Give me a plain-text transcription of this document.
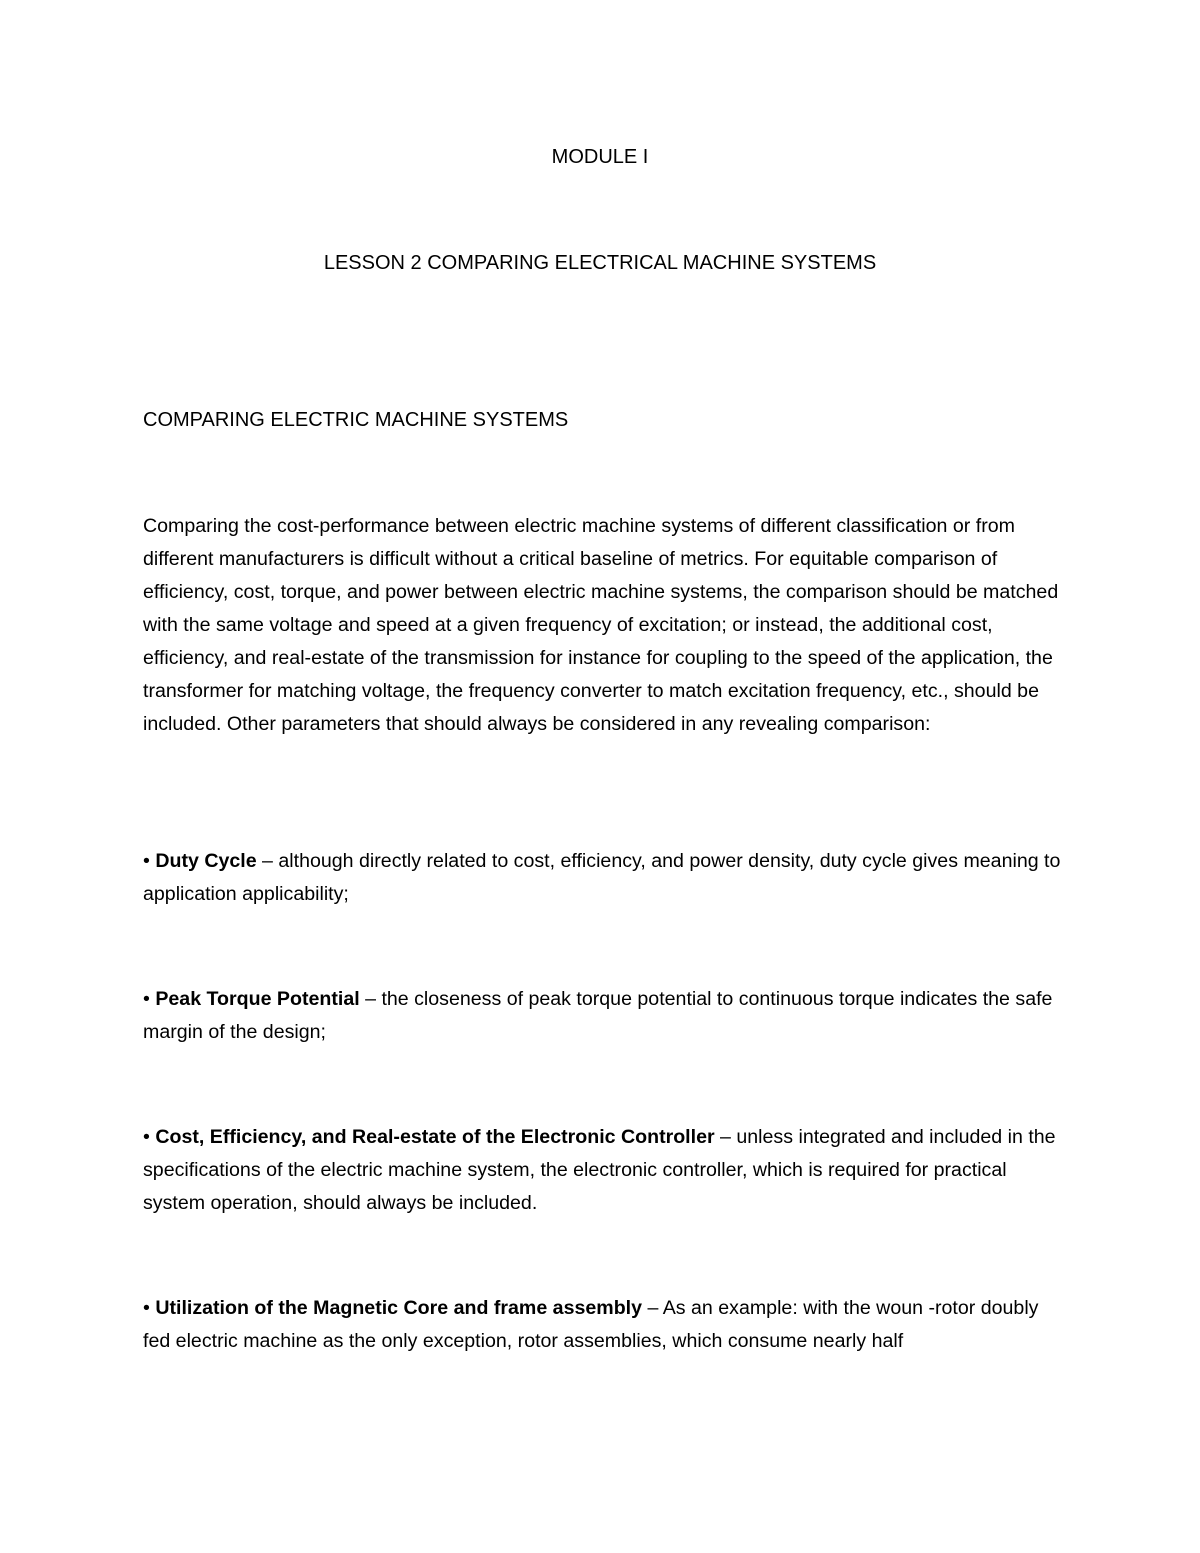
MODULE I
LESSON 2 COMPARING ELECTRICAL MACHINE SYSTEMS
COMPARING ELECTRIC MACHINE SYSTEMS

Comparing the cost-performance between electric machine systems of different classification or from different manufacturers is difficult without a critical baseline of metrics. For equitable comparison of efficiency, cost, torque, and power between electric machine systems, the comparison should be matched with the same voltage and speed at a given frequency of excitation; or instead, the additional cost, efficiency, and real-estate of the transmission for instance for coupling to the speed of the application, the transformer for matching voltage, the frequency converter to match excitation frequency, etc., should be included. Other parameters that should always be considered in any revealing comparison:

• Duty Cycle – although directly related to cost, efficiency, and power density, duty cycle gives meaning to application applicability;

• Peak Torque Potential – the closeness of peak torque potential to continuous torque indicates the safe margin of the design;

• Cost, Efficiency, and Real-estate of the Electronic Controller – unless integrated and included in the specifications of the electric machine system, the electronic controller, which is required for practical system operation, should always be included.

• Utilization of the Magnetic Core and frame assembly – As an example: with the woun -rotor doubly fed electric machine as the only exception, rotor assemblies, which consume nearly half
